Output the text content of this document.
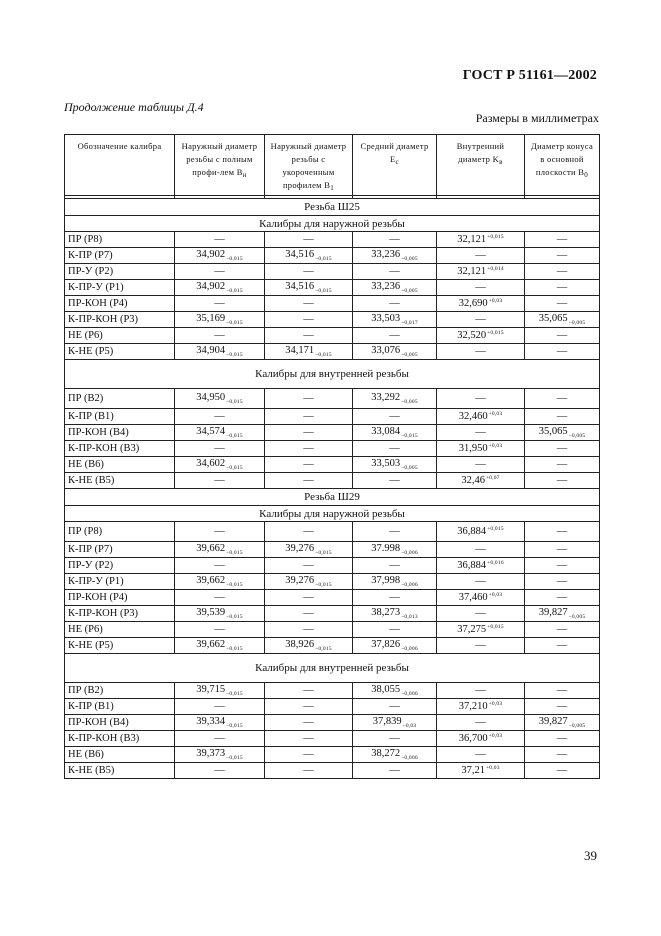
ГОСТ Р 51161—2002
Продолжение таблицы Д.4
Размеры в миллиметрах
Обозначение калибра	Наружный диаметр резьбы с полным профи-лем $B_н$	Наружный диаметр резьбы с укороченным профилем $B_1$	Средний диаметр $E_с$	Внутренний диаметр $K_в$	Диаметр конуса в основной плоскости $B_0$

Резьба Ш25					
Калибры для наружной резьбы					
ПР (Р8)	—	—	—	$32,121^{+0,015}$	—
К-ПР (Р7)	$34,902_{-0,015}$	$34,516_{-0,015}$	$33,236_{-0,005}$	—	—
ПР-У (Р2)	—	—	—	$32,121^{+0,014}$	—
К-ПР-У (Р1)	$34,902_{-0,015}$	$34,516_{-0,015}$	$33,236_{-0,005}$	—	—
ПР-КОН (Р4)	—	—	—	$32,690^{+0,03}$	—
К-ПР-КОН (Р3)	$35,169_{-0,015}$	—	$33,503_{-0,017}$	—	$35,065_{-0,005}$
НЕ (Р6)	—	—	—	$32,520^{+0,015}$	—
К-НЕ (Р5)	$34,904_{-0,015}$	$34,171_{-0,015}$	$33,076_{-0,005}$	—	—
Калибры для внутренней резьбы					
ПР (В2)	$34,950_{-0,015}$	—	$33,292_{-0,005}$	—	—
К-ПР (В1)	—	—	—	$32,460^{+0,03}$	—
ПР-КОН (В4)	$34,574_{-0,015}$	—	$33,084_{-0,015}$	—	$35,065_{-0,005}$
К-ПР-КОН (В3)	—	—	—	$31,950^{+0,03}$	—
НЕ (В6)	$34,602_{-0,015}$	—	$33,503_{-0,005}$	—	—
К-НЕ (В5)	—	—	—	$32,46^{+0,07}$	—
Резьба Ш29					
Калибры для наружной резьбы					
ПР (Р8)	—	—	—	$36,884^{+0,015}$	—
К-ПР (Р7)	$39,662_{-0,015}$	$39,276_{-0,015}$	$37.998_{-0,006}$	—	—
ПР-У (Р2)	—	—	—	$36,884^{+0,016}$	—
К-ПР-У (Р1)	$39,662_{-0,015}$	$39,276_{-0,015}$	$37,998_{-0,006}$	—	—
ПР-КОН (Р4)	—	—	—	$37,460^{+0,03}$	—
К-ПР-КОН (Р3)	$39,539_{-0,015}$	—	$38,273_{-0,013}$	—	$39,827_{-0,005}$
НЕ (Р6)	—	—	—	$37,275^{+0,015}$	—
К-НЕ (Р5)	$39,662_{-0,015}$	$38,926_{-0,015}$	$37,826_{-0,006}$	—	—
Калибры для внутренней резьбы					
ПР (В2)	$39,715_{-0,015}$	—	$38,055_{-0,006}$	—	—
К-ПР (В1)	—	—	—	$37,210^{+0,03}$	—
ПР-КОН (В4)	$39,334_{-0,015}$	—	$37,839_{-0,03}$	—	$39,827_{-0,005}$
К-ПР-КОН (В3)	—	—	—	$36,700^{+0,03}$	—
НЕ (В6)	$39,373_{-0,015}$	—	$38,272_{-0,006}$	—	—
К-НЕ (В5)	—	—	—	$37,21^{+0,03}$	—
39
